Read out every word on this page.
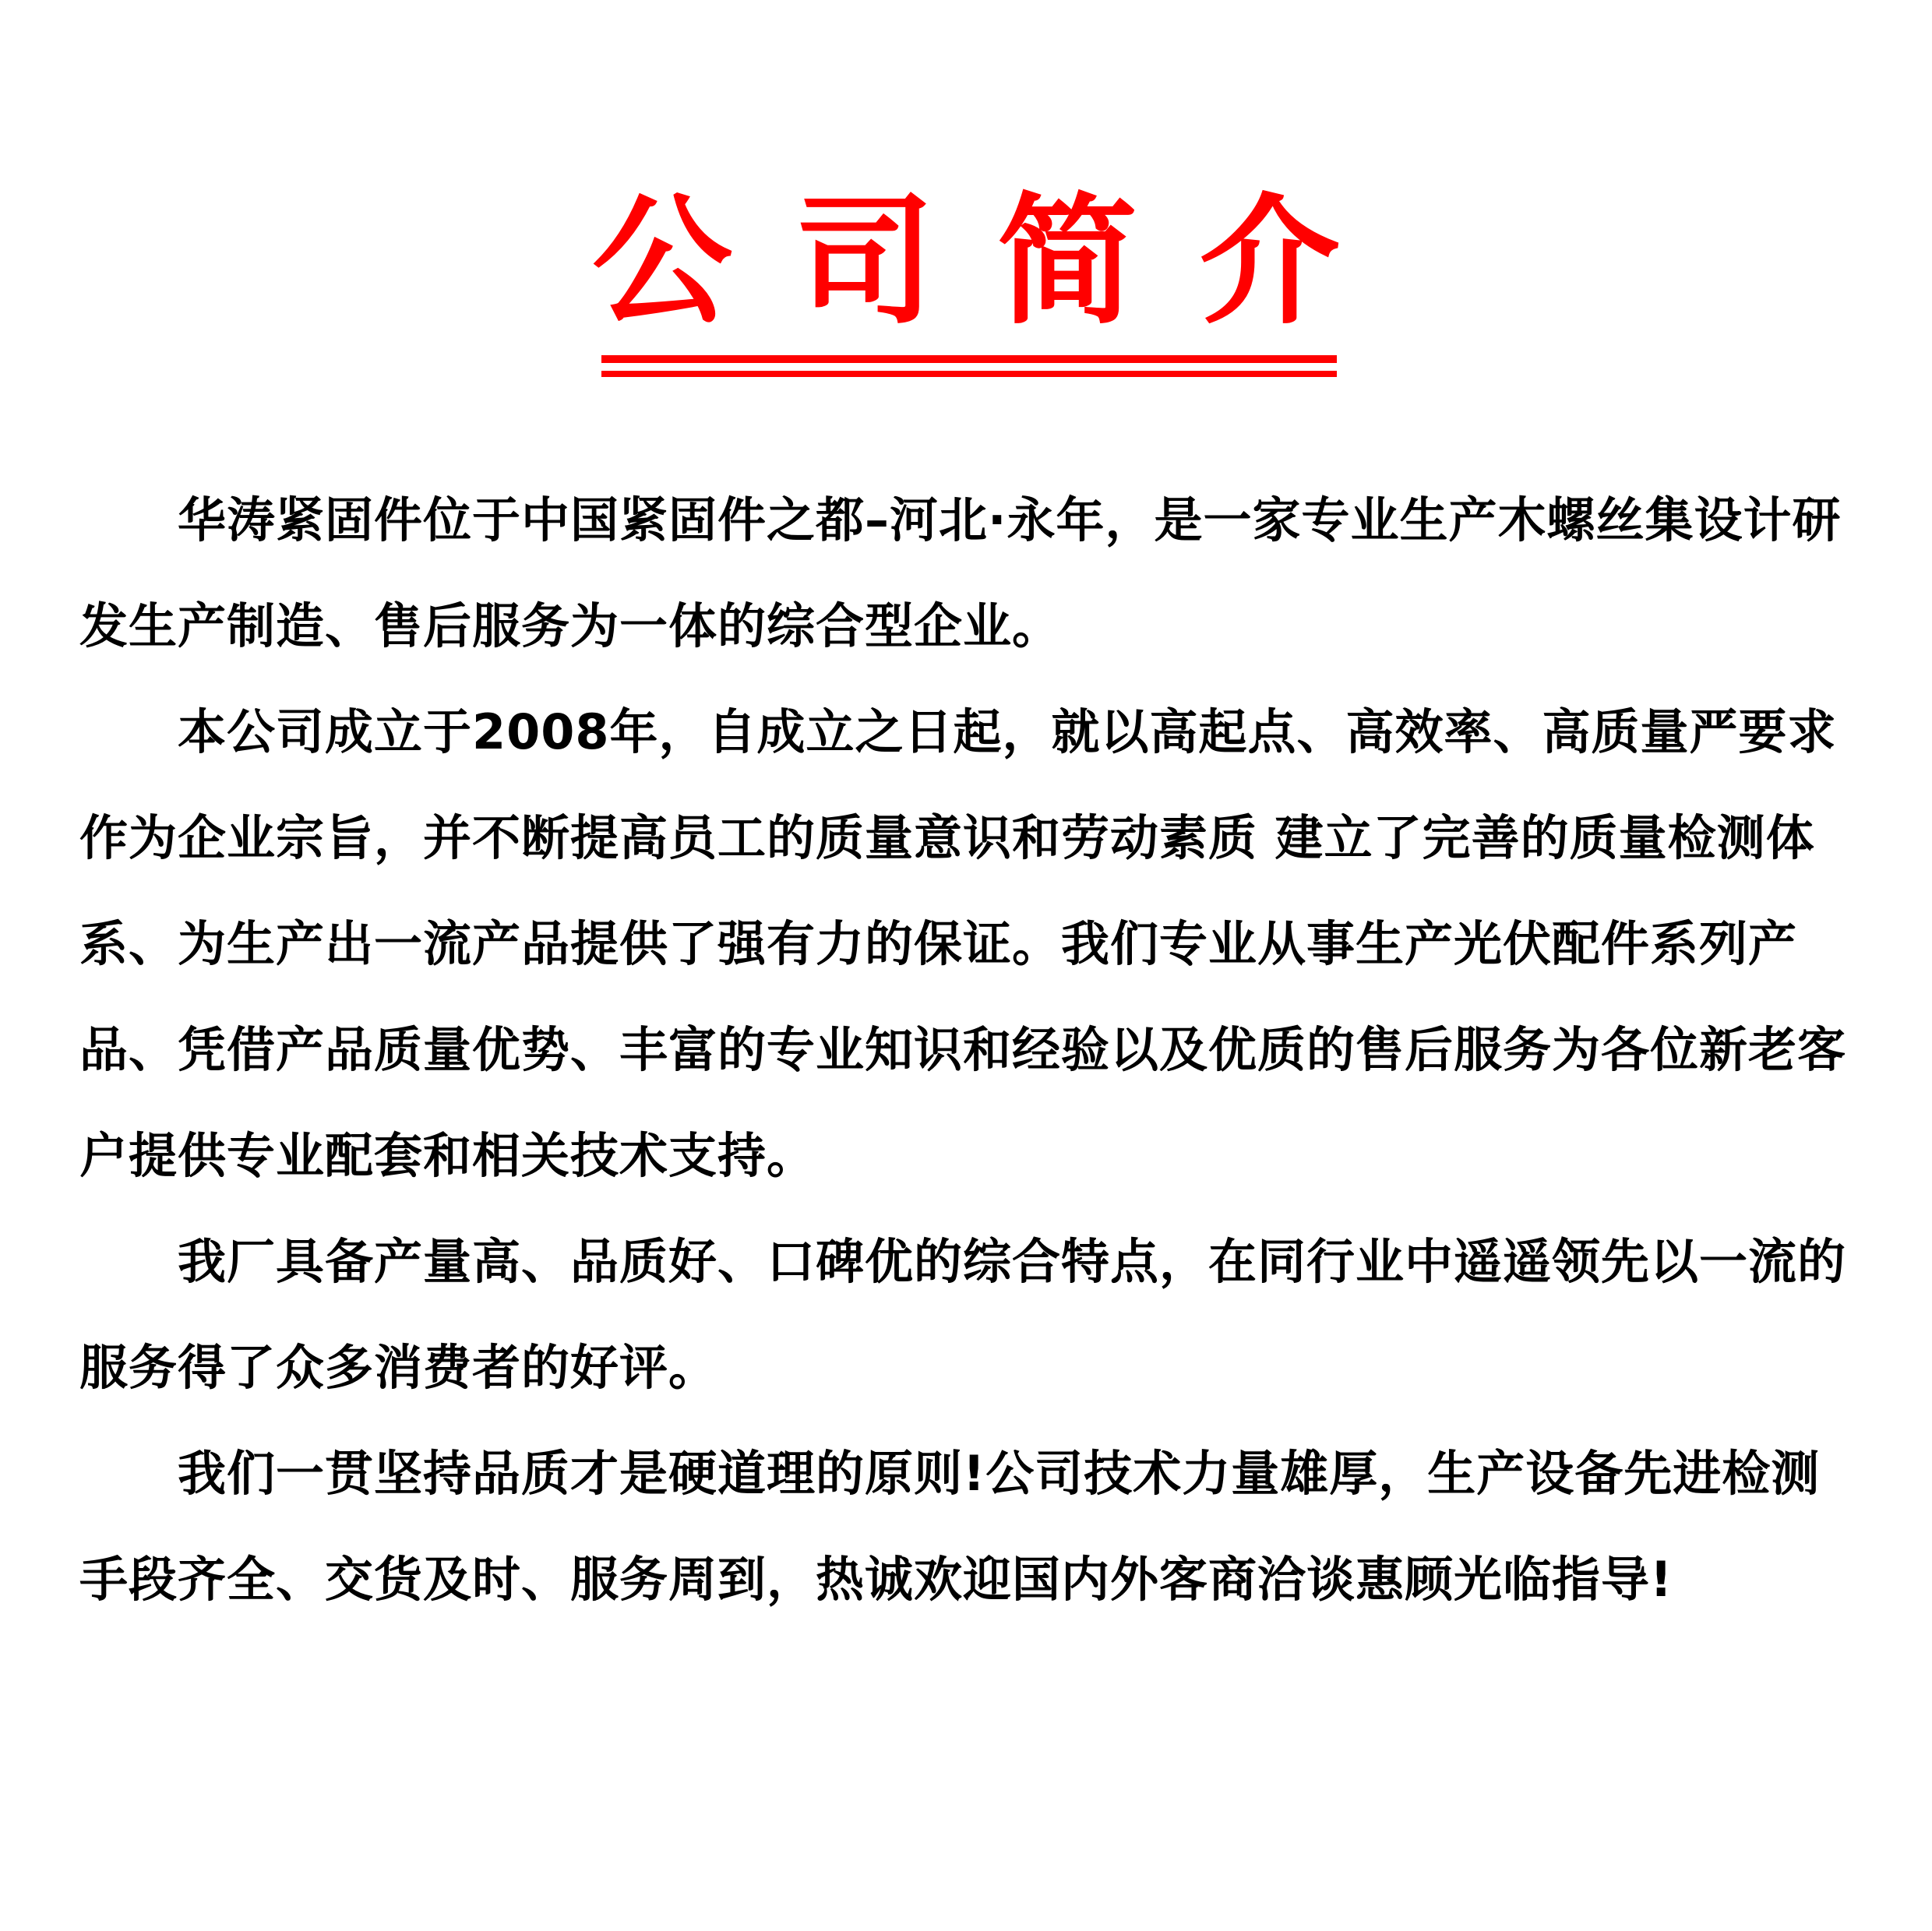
公司简介

华涛紧固件位于中国紧固件之都–河北·永年，是一家专业生产木螺丝集设计研发生产制造、售后服务为一体的综合型企业。

本公司成立于2008年，自成立之日起，就以高起点、高效率、高质量严要求作为企业宗旨，并不断提高员工的质量意识和劳动素质 建立了完善的质量检测体系、为生产出一流产品提供了强有力的保证。我们专业从事生产光伏配件系列产品、凭借产品质量优势、丰富的专业知识和经验以及优质的售后服务为各位新老客户提供专业配套和相关技术支持。

我厂具备产量高、品质好、口碑优的综合特点，在同行业中遥遥领先以一流的服务得了众多消费者的好评。

我们一贯坚持品质才是硬道理的原则!公司技术力量雄厚，生产设备先进检测手段齐全、交货及时、服务周到，热诚欢迎国内外客商洽谈惠顾光临指导!
